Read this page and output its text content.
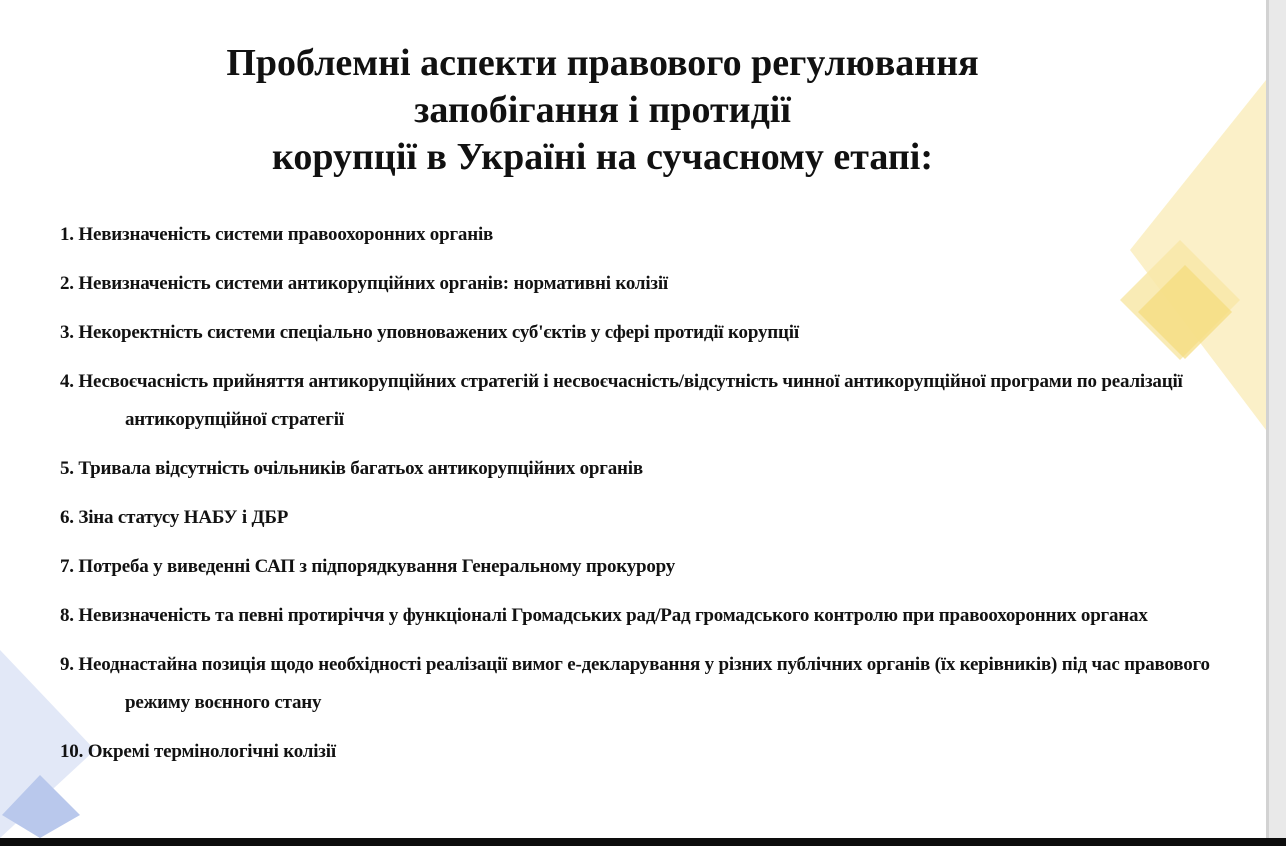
Проблемні аспекти правового регулювання
запобігання і протидії
корупції в Україні на сучасному етапі:
1. Невизначеність системи правоохоронних органів
2. Невизначеність системи антикорупційних органів: нормативні колізії
3. Некоректність системи спеціально уповноважених суб'єктів у сфері протидії корупції
4. Несвоєчасність прийняття антикорупційних стратегій і несвоєчасність/відсутність чинної антикорупційної програми по реалізації антикорупційної стратегії
5. Тривала відсутність очільників багатьох антикорупційних органів
6. Зіна статусу НАБУ і ДБР
7. Потреба у виведенні САП з підпорядкування Генеральному прокурору
8. Невизначеність та певні протиріччя у функціоналі Громадських рад/Рад громадського контролю при правоохоронних органах
9. Неоднастайна позиція щодо необхідності реалізації вимог е-декларування у різних публічних органів (їх керівників) під час правового режиму воєнного стану
10. Окремі термінологічні колізії
